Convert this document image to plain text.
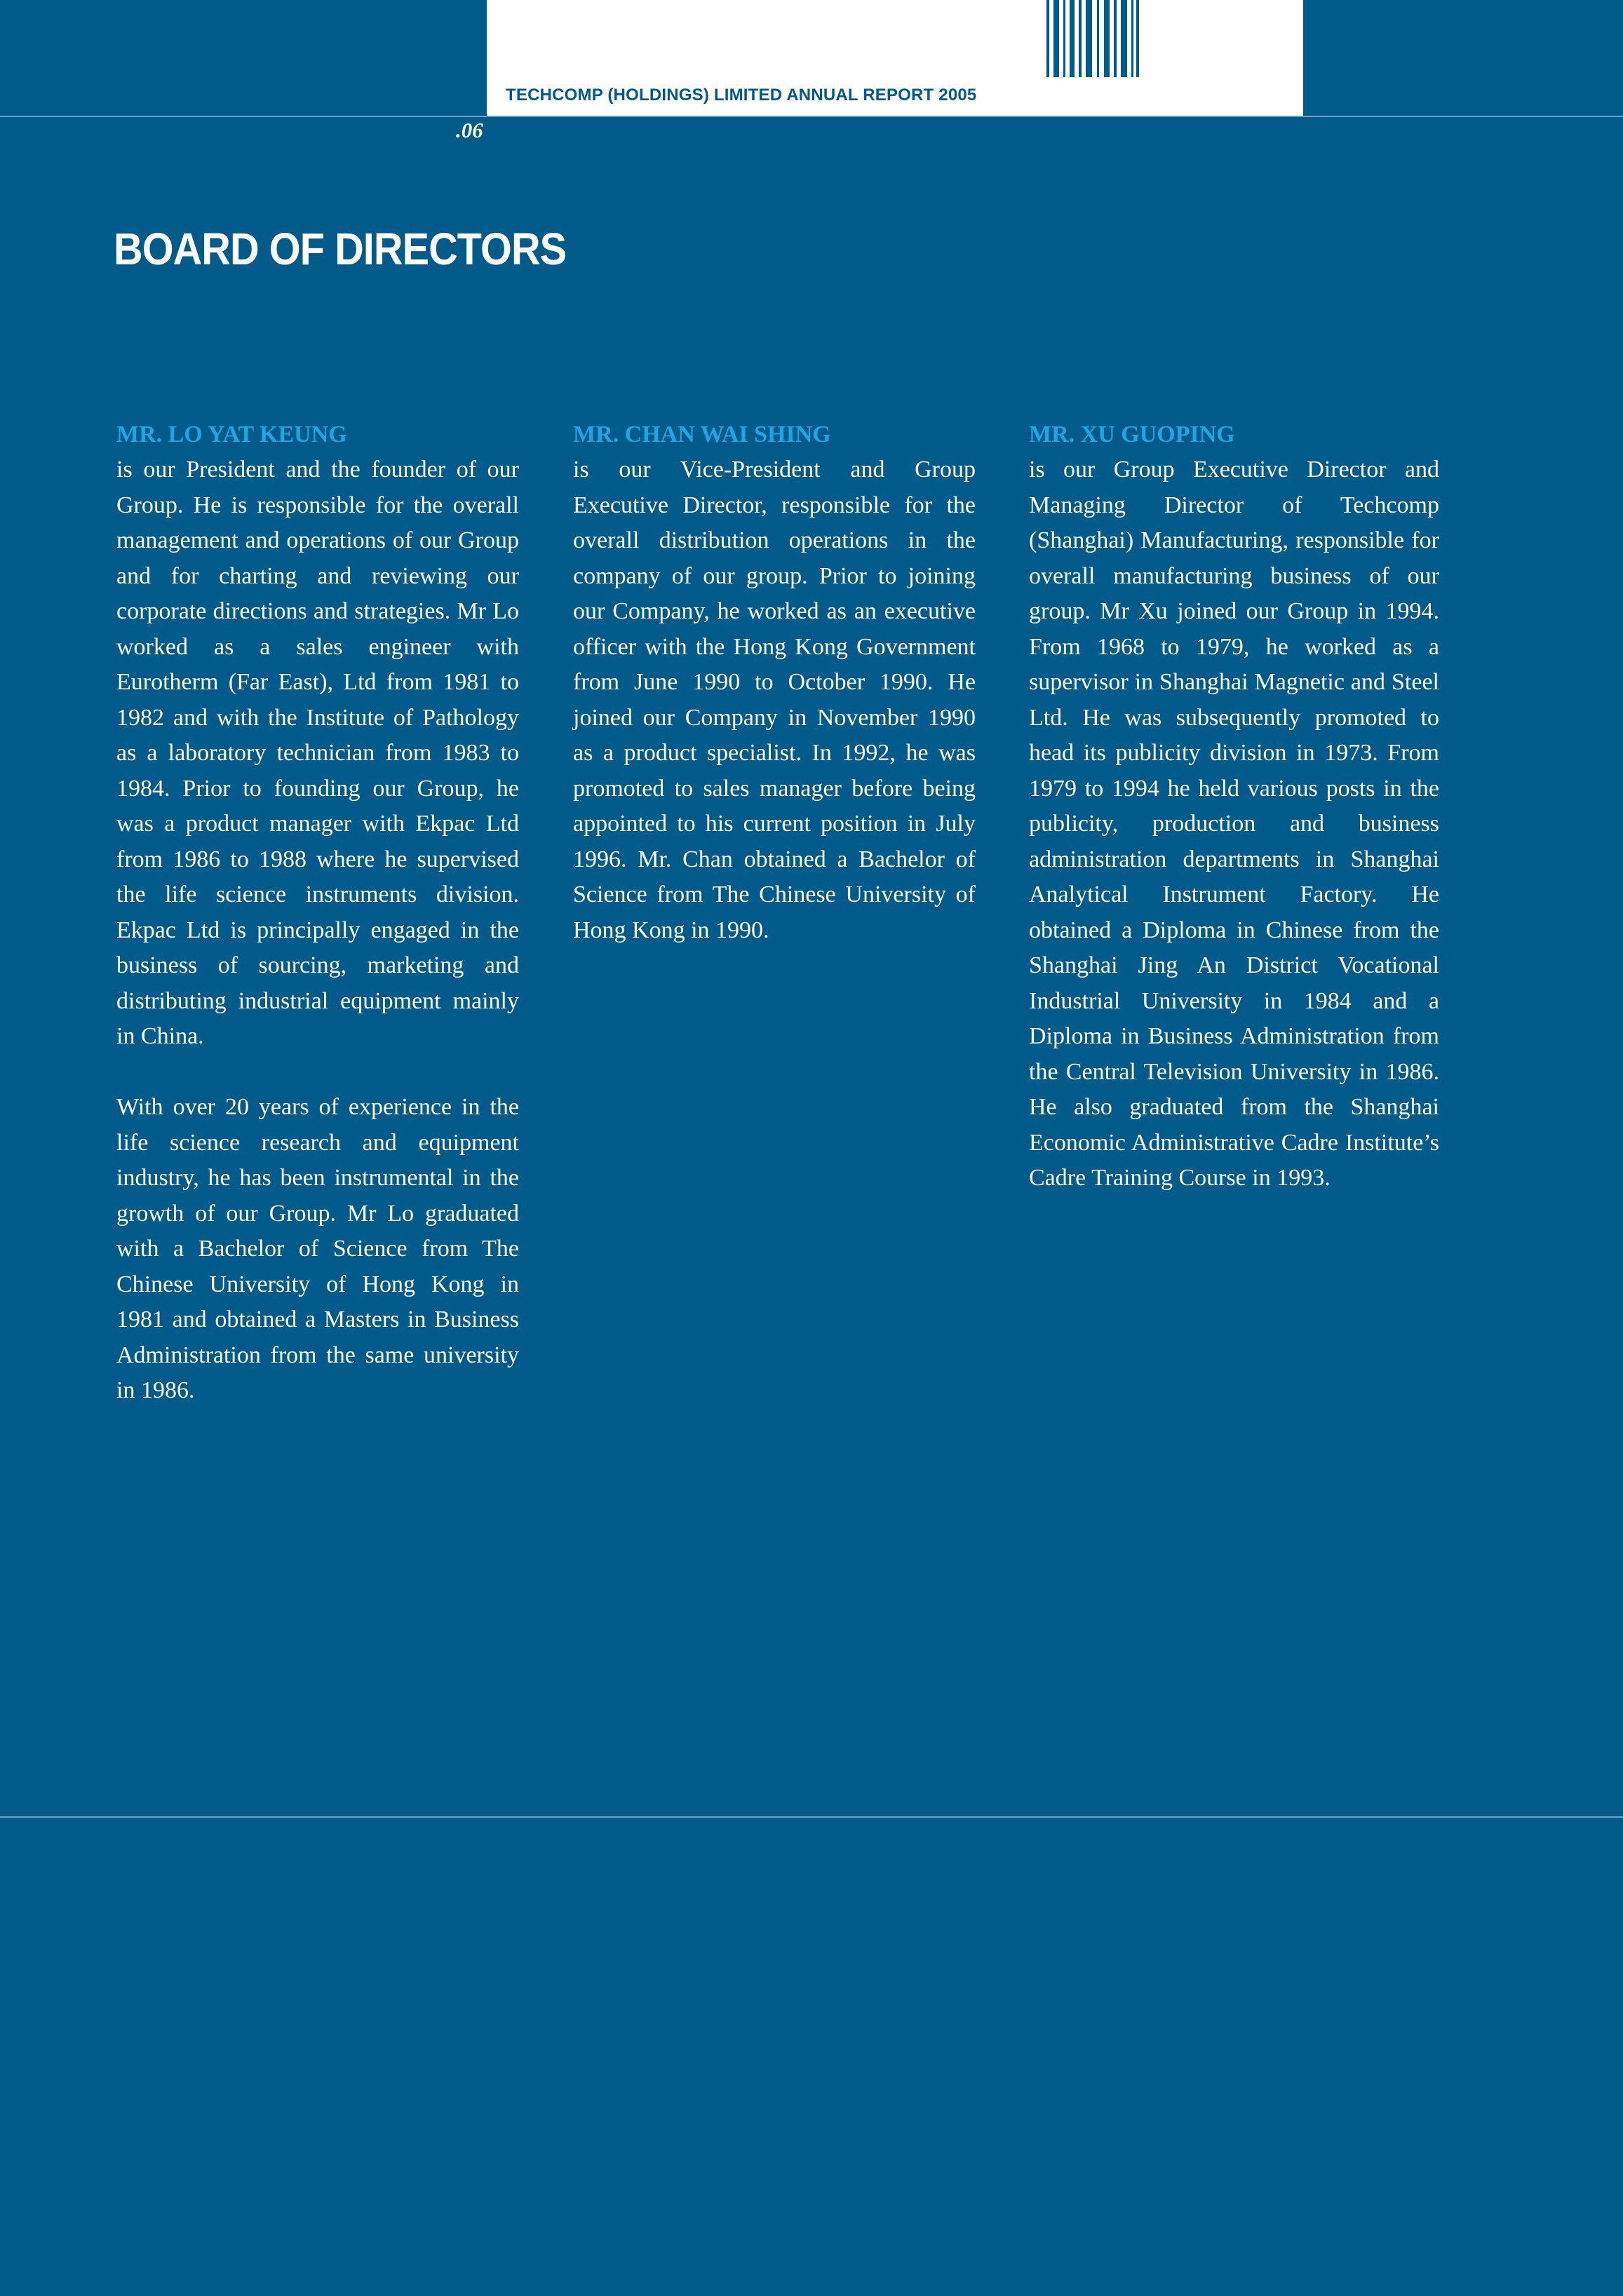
TECHCOMP (HOLDINGS) LIMITED ANNUAL REPORT 2005
.06
BOARD OF DIRECTORS
MR. LO YAT KEUNG

is our President and the founder of our Group. He is responsible for the overall management and operations of our Group and for charting and reviewing our corporate directions and strategies. Mr Lo worked as a sales engineer with Eurotherm (Far East), Ltd from 1981 to 1982 and with the Institute of Pathology as a laboratory technician from 1983 to 1984. Prior to founding our Group, he was a product manager with Ekpac Ltd from 1986 to 1988 where he supervised the life science instruments division. Ekpac Ltd is principally engaged in the business of sourcing, marketing and distributing industrial equipment mainly in China.

With over 20 years of experience in the life science research and equipment industry, he has been instrumental in the growth of our Group. Mr Lo graduated with a Bachelor of Science from The Chinese University of Hong Kong in 1981 and obtained a Masters in Business Administration from the same university in 1986.

MR. CHAN WAI SHING

is our Vice-President and Group Executive Director, responsible for the overall distribution operations in the company of our group. Prior to joining our Company, he worked as an executive officer with the Hong Kong Government from June 1990 to October 1990. He joined our Company in November 1990 as a product specialist. In 1992, he was promoted to sales manager before being appointed to his current position in July 1996. Mr. Chan obtained a Bachelor of Science from The Chinese University of Hong Kong in 1990.

MR. XU GUOPING

is our Group Executive Director and Managing Director of Techcomp (Shanghai) Manufacturing, responsible for overall manufacturing business of our group. Mr Xu joined our Group in 1994. From 1968 to 1979, he worked as a supervisor in Shanghai Magnetic and Steel Ltd. He was subsequently promoted to head its publicity division in 1973. From 1979 to 1994 he held various posts in the publicity, production and business administration departments in Shanghai Analytical Instrument Factory. He obtained a Diploma in Chinese from the Shanghai Jing An District Vocational Industrial University in 1984 and a Diploma in Business Administration from the Central Television University in 1986. He also graduated from the Shanghai Economic Administrative Cadre Institute’s Cadre Training Course in 1993.
